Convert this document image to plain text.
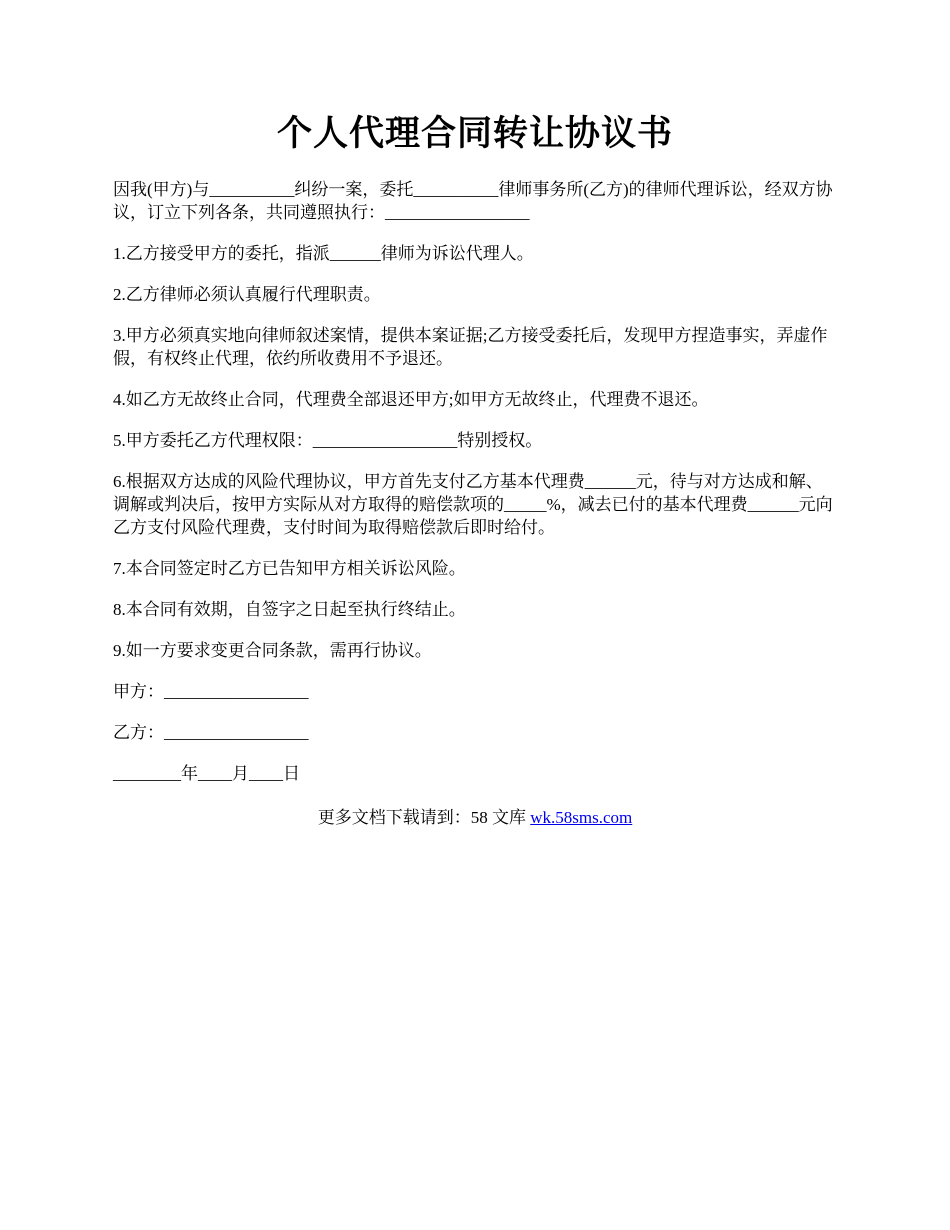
个人代理合同转让协议书

因我(甲方)与__________纠纷一案，委托__________律师事务所(乙方)的律师代理诉讼，经双方协议，订立下列各条，共同遵照执行：_________________

1.乙方接受甲方的委托，指派______律师为诉讼代理人。

2.乙方律师必须认真履行代理职责。

3.甲方必须真实地向律师叙述案情，提供本案证据;乙方接受委托后，发现甲方捏造事实，弄虚作假，有权终止代理，依约所收费用不予退还。

4.如乙方无故终止合同，代理费全部退还甲方;如甲方无故终止，代理费不退还。

5.甲方委托乙方代理权限：_________________特别授权。

6.根据双方达成的风险代理协议，甲方首先支付乙方基本代理费______元，待与对方达成和解、调解或判决后，按甲方实际从对方取得的赔偿款项的_____%，减去已付的基本代理费______元向乙方支付风险代理费，支付时间为取得赔偿款后即时给付。

7.本合同签定时乙方已告知甲方相关诉讼风险。

8.本合同有效期，自签字之日起至执行终结止。

9.如一方要求变更合同条款，需再行协议。

甲方：_________________

乙方：_________________

________年____月____日

更多文档下载请到：58 文库 wk.58sms.com
